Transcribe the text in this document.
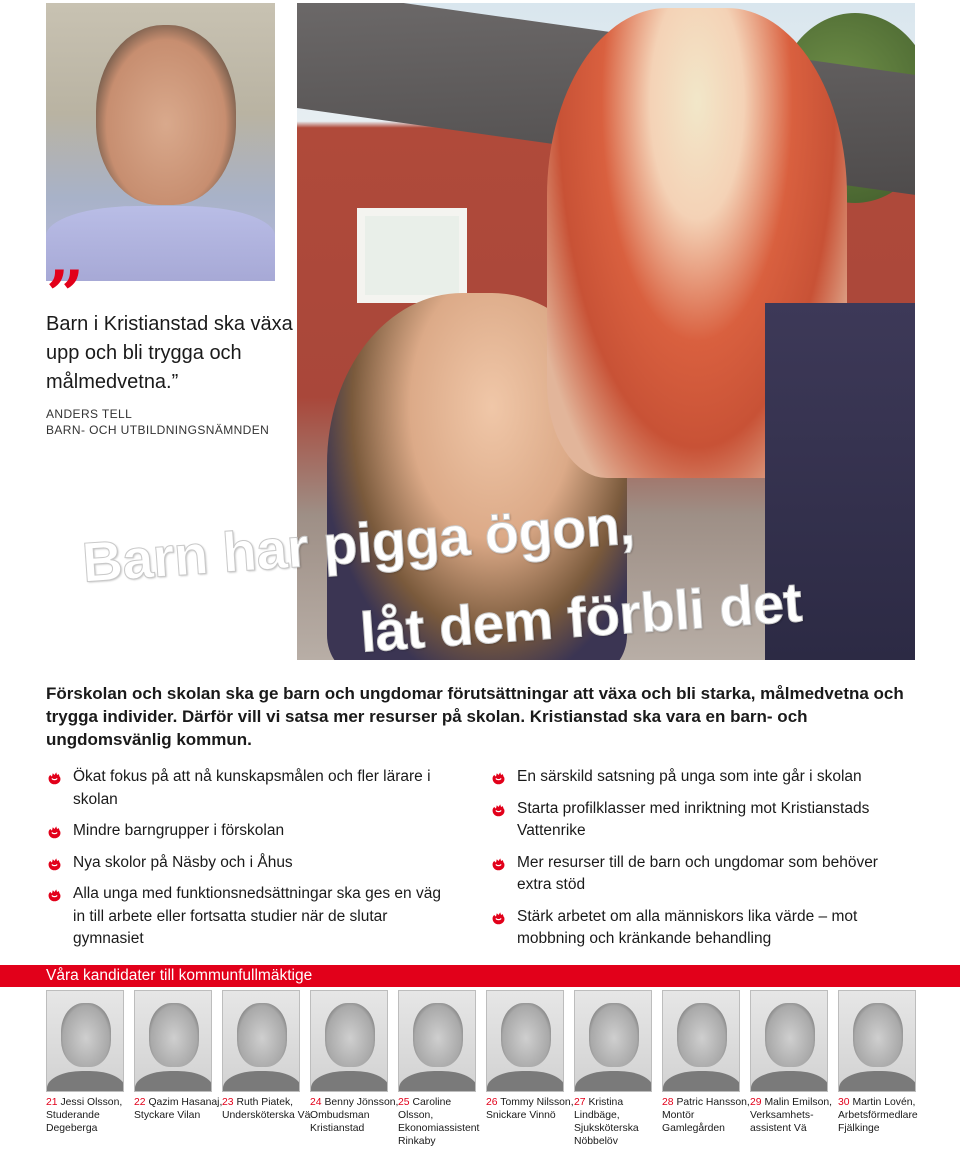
”
Barn i Kristianstad ska växa upp och bli trygga och målmedvetna.”
ANDERS TELL
BARN- OCH UTBILDNINGSNÄMNDEN
Barn har pigga ögon,
låt dem förbli det
Förskolan och skolan ska ge barn och ungdomar förutsättningar att växa och bli starka, målmedvetna och trygga individer. Därför vill vi satsa mer resurser på skolan. Kristianstad ska vara en barn- och ungdomsvänlig kommun.
Ökat fokus på att nå kunskapsmålen och fler lärare i skolan
Mindre barngrupper i förskolan
Nya skolor på Näsby och i Åhus
Alla unga med funktionsnedsättningar ska ges en väg in till arbete eller fortsatta studier när de slutar gymnasiet
En särskild satsning på unga som inte går i skolan
Starta profilklasser med inriktning mot Kristianstads Vattenrike
Mer resurser till de barn och ungdomar som behöver extra stöd
Stärk arbetet om alla människors lika värde – mot mobbning och kränkande behandling
Våra kandidater till kommunfullmäktige
21 Jessi Olsson, Studerande Degeberga
22 Qazim Hasanaj, Styckare Vilan
23 Ruth Piatek, Undersköterska Vä
24 Benny Jönsson, Ombudsman Kristianstad
25 Caroline Olsson, Ekonomiassistent Rinkaby
26 Tommy Nilsson, Snickare Vinnö
27 Kristina Lindbäge, Sjuksköterska Nöbbelöv
28 Patric Hansson, Montör Gamlegården
29 Malin Emilson, Verksamhetsassistent Vä
30 Martin Lovén, Arbetsförmedlare Fjälkinge
